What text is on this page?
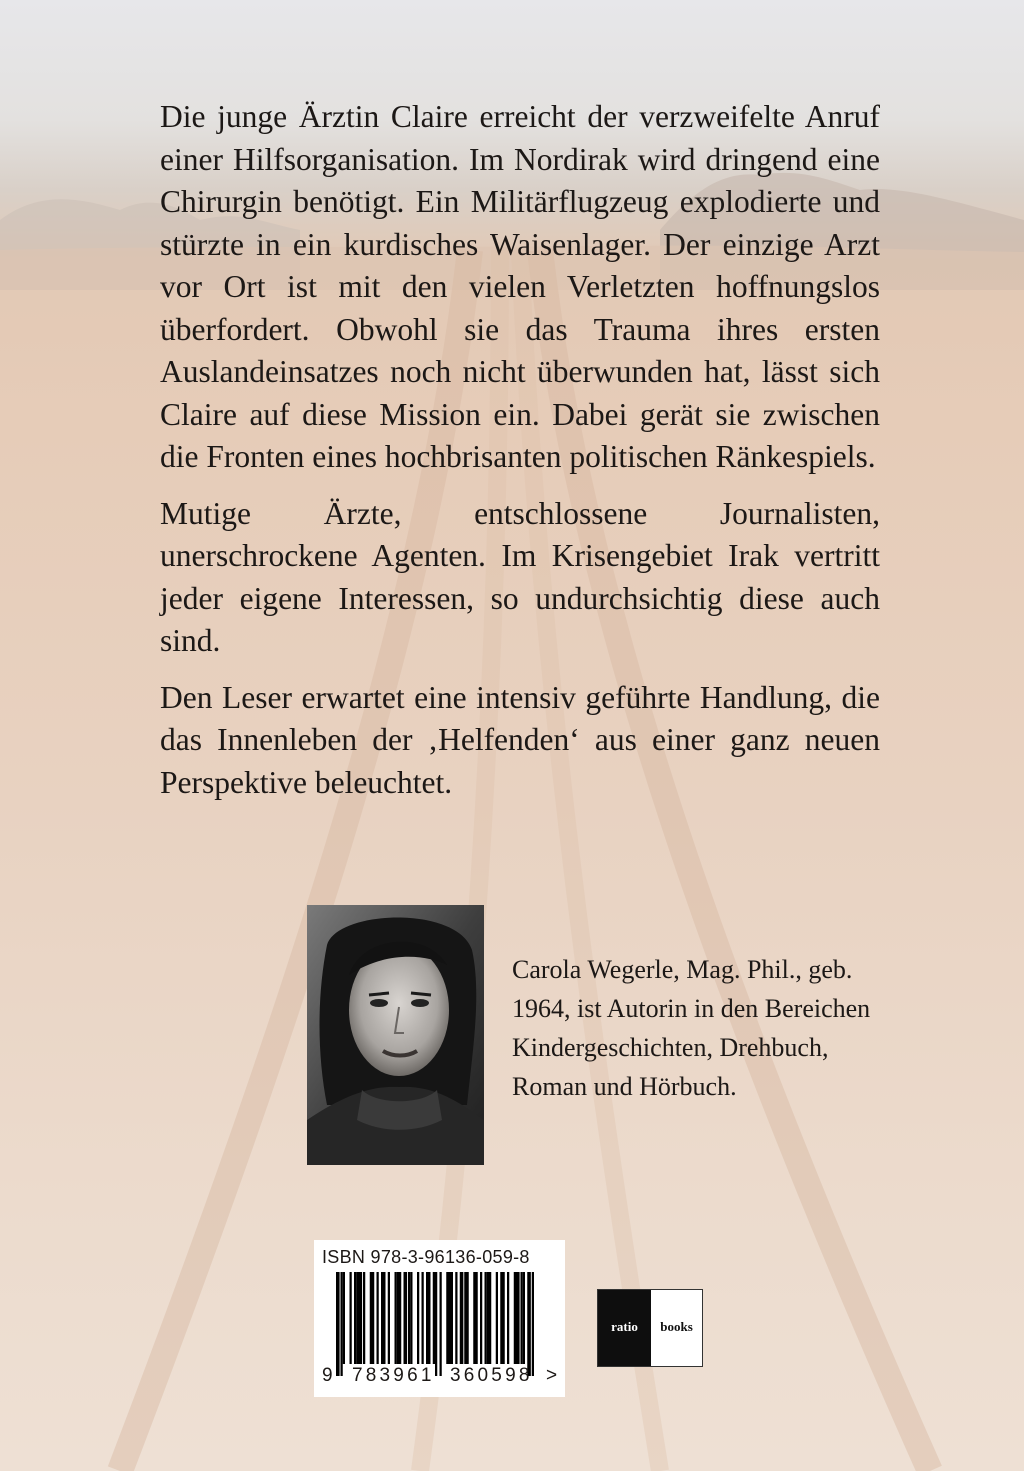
Die junge Ärztin Claire erreicht der verzweifelte Anruf einer Hilfsorganisation. Im Nordirak wird dringend eine Chirurgin benötigt. Ein Militärflugzeug explodierte und stürzte in ein kurdisches Waisenlager. Der einzige Arzt vor Ort ist mit den vielen Verletzten hoffnungslos überfordert. Obwohl sie das Trauma ihres ersten Auslandeinsatzes noch nicht überwunden hat, lässt sich Claire auf diese Mission ein. Dabei gerät sie zwischen die Fronten eines hochbrisanten politischen Ränkespiels.

Mutige Ärzte, entschlossene Journalisten, unerschrockene Agenten. Im Krisengebiet Irak vertritt jeder eigene Interessen, so undurchsichtig diese auch sind.

Den Leser erwartet eine intensiv geführte Handlung, die das Innenleben der ‚Helfenden‘ aus einer ganz neuen Perspektive beleuchtet.

Carola Wegerle, Mag. Phil., geb. 1964, ist Autorin in den Bereichen Kindergeschichten, Drehbuch, Roman und Hörbuch.
ISBN 978-3-96136-059-8
9 783961 360598 >
ratio	books
